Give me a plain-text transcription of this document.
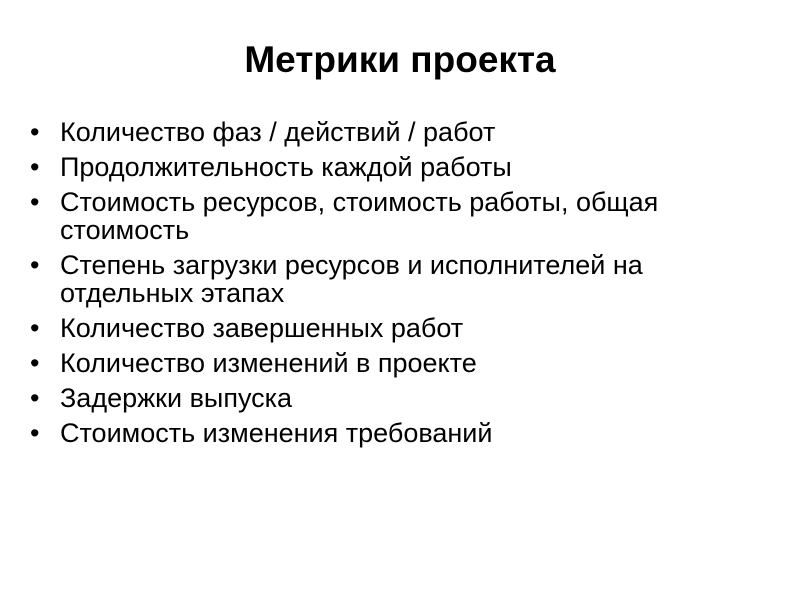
Метрики проекта
• Количество фаз / действий / работ
• Продолжительность каждой работы
• Стоимость ресурсов, стоимость работы, общая стоимость
• Степень загрузки ресурсов и исполнителей на отдельных этапах
• Количество завершенных работ
• Количество изменений в проекте
• Задержки выпуска
• Стоимость изменения требований
